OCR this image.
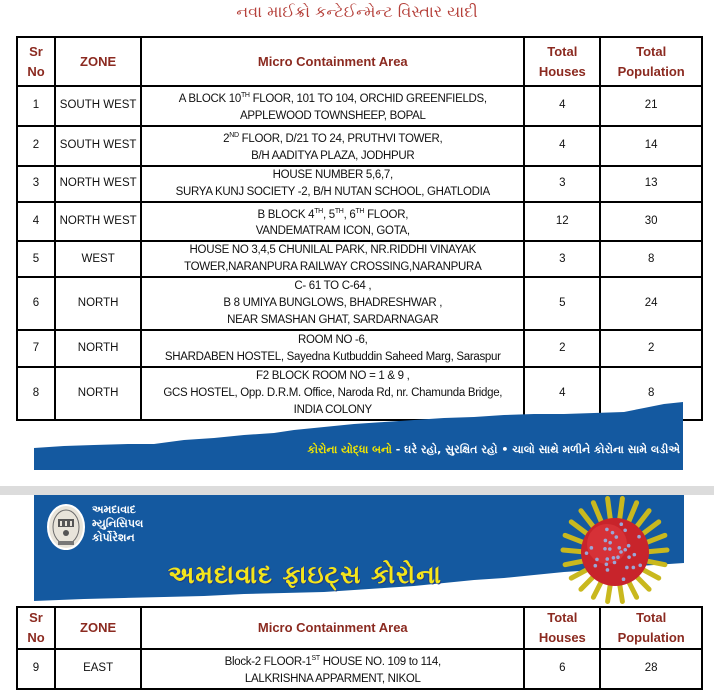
નવા માઈક્રો કન્ટેઈન્મેન્ટ વિસ્તાર યાદી
Sr No	ZONE	Micro Containment Area	Total Houses	Total Population
1	SOUTH WEST	A BLOCK 10TH FLOOR, 101 TO 104, ORCHID GREENFIELDS,
APPLEWOOD TOWNSHEEP, BOPAL	4	21
2	SOUTH WEST	2ND FLOOR, D/21 TO 24, PRUTHVI TOWER,
B/H AADITYA PLAZA, JODHPUR	4	14
3	NORTH WEST	HOUSE NUMBER 5,6,7,
SURYA KUNJ SOCIETY -2, B/H NUTAN SCHOOL, GHATLODIA	3	13
4	NORTH WEST	B BLOCK 4TH, 5TH, 6TH FLOOR,
VANDEMATRAM ICON, GOTA,	12	30
5	WEST	HOUSE NO 3,4,5 CHUNILAL PARK, NR.RIDDHI VINAYAK
TOWER,NARANPURA RAILWAY CROSSING,NARANPURA	3	8
6	NORTH	C- 61 TO C-64 ,
B 8 UMIYA BUNGLOWS, BHADRESHWAR ,
NEAR SMASHAN GHAT, SARDARNAGAR	5	24
7	NORTH	ROOM NO -6,
SHARDABEN HOSTEL, Sayedna Kutbuddin Saheed Marg, Saraspur	2	2
8	NORTH	F2 BLOCK ROOM NO = 1 & 9 ,
GCS HOSTEL, Opp. D.R.M. Office, Naroda Rd, nr. Chamunda Bridge,
INDIA COLONY	4	8
કોરોના યોદ્ધા બનો - ઘરે રહો, સુરક્ષિત રહો • ચાલો સાથે મળીને કોરોના સામે લડીએ
અમદાવાદ
મ્યુનિસિપલ
કોર્પોરેશન
અમદાવાદ ફાઇટ્સ કોરોના
Sr No	ZONE	Micro Containment Area	Total Houses	Total Population
9	EAST	Block-2 FLOOR-1ST HOUSE NO. 109 to 114,
LALKRISHNA APPARMENT, NIKOL	6	28
